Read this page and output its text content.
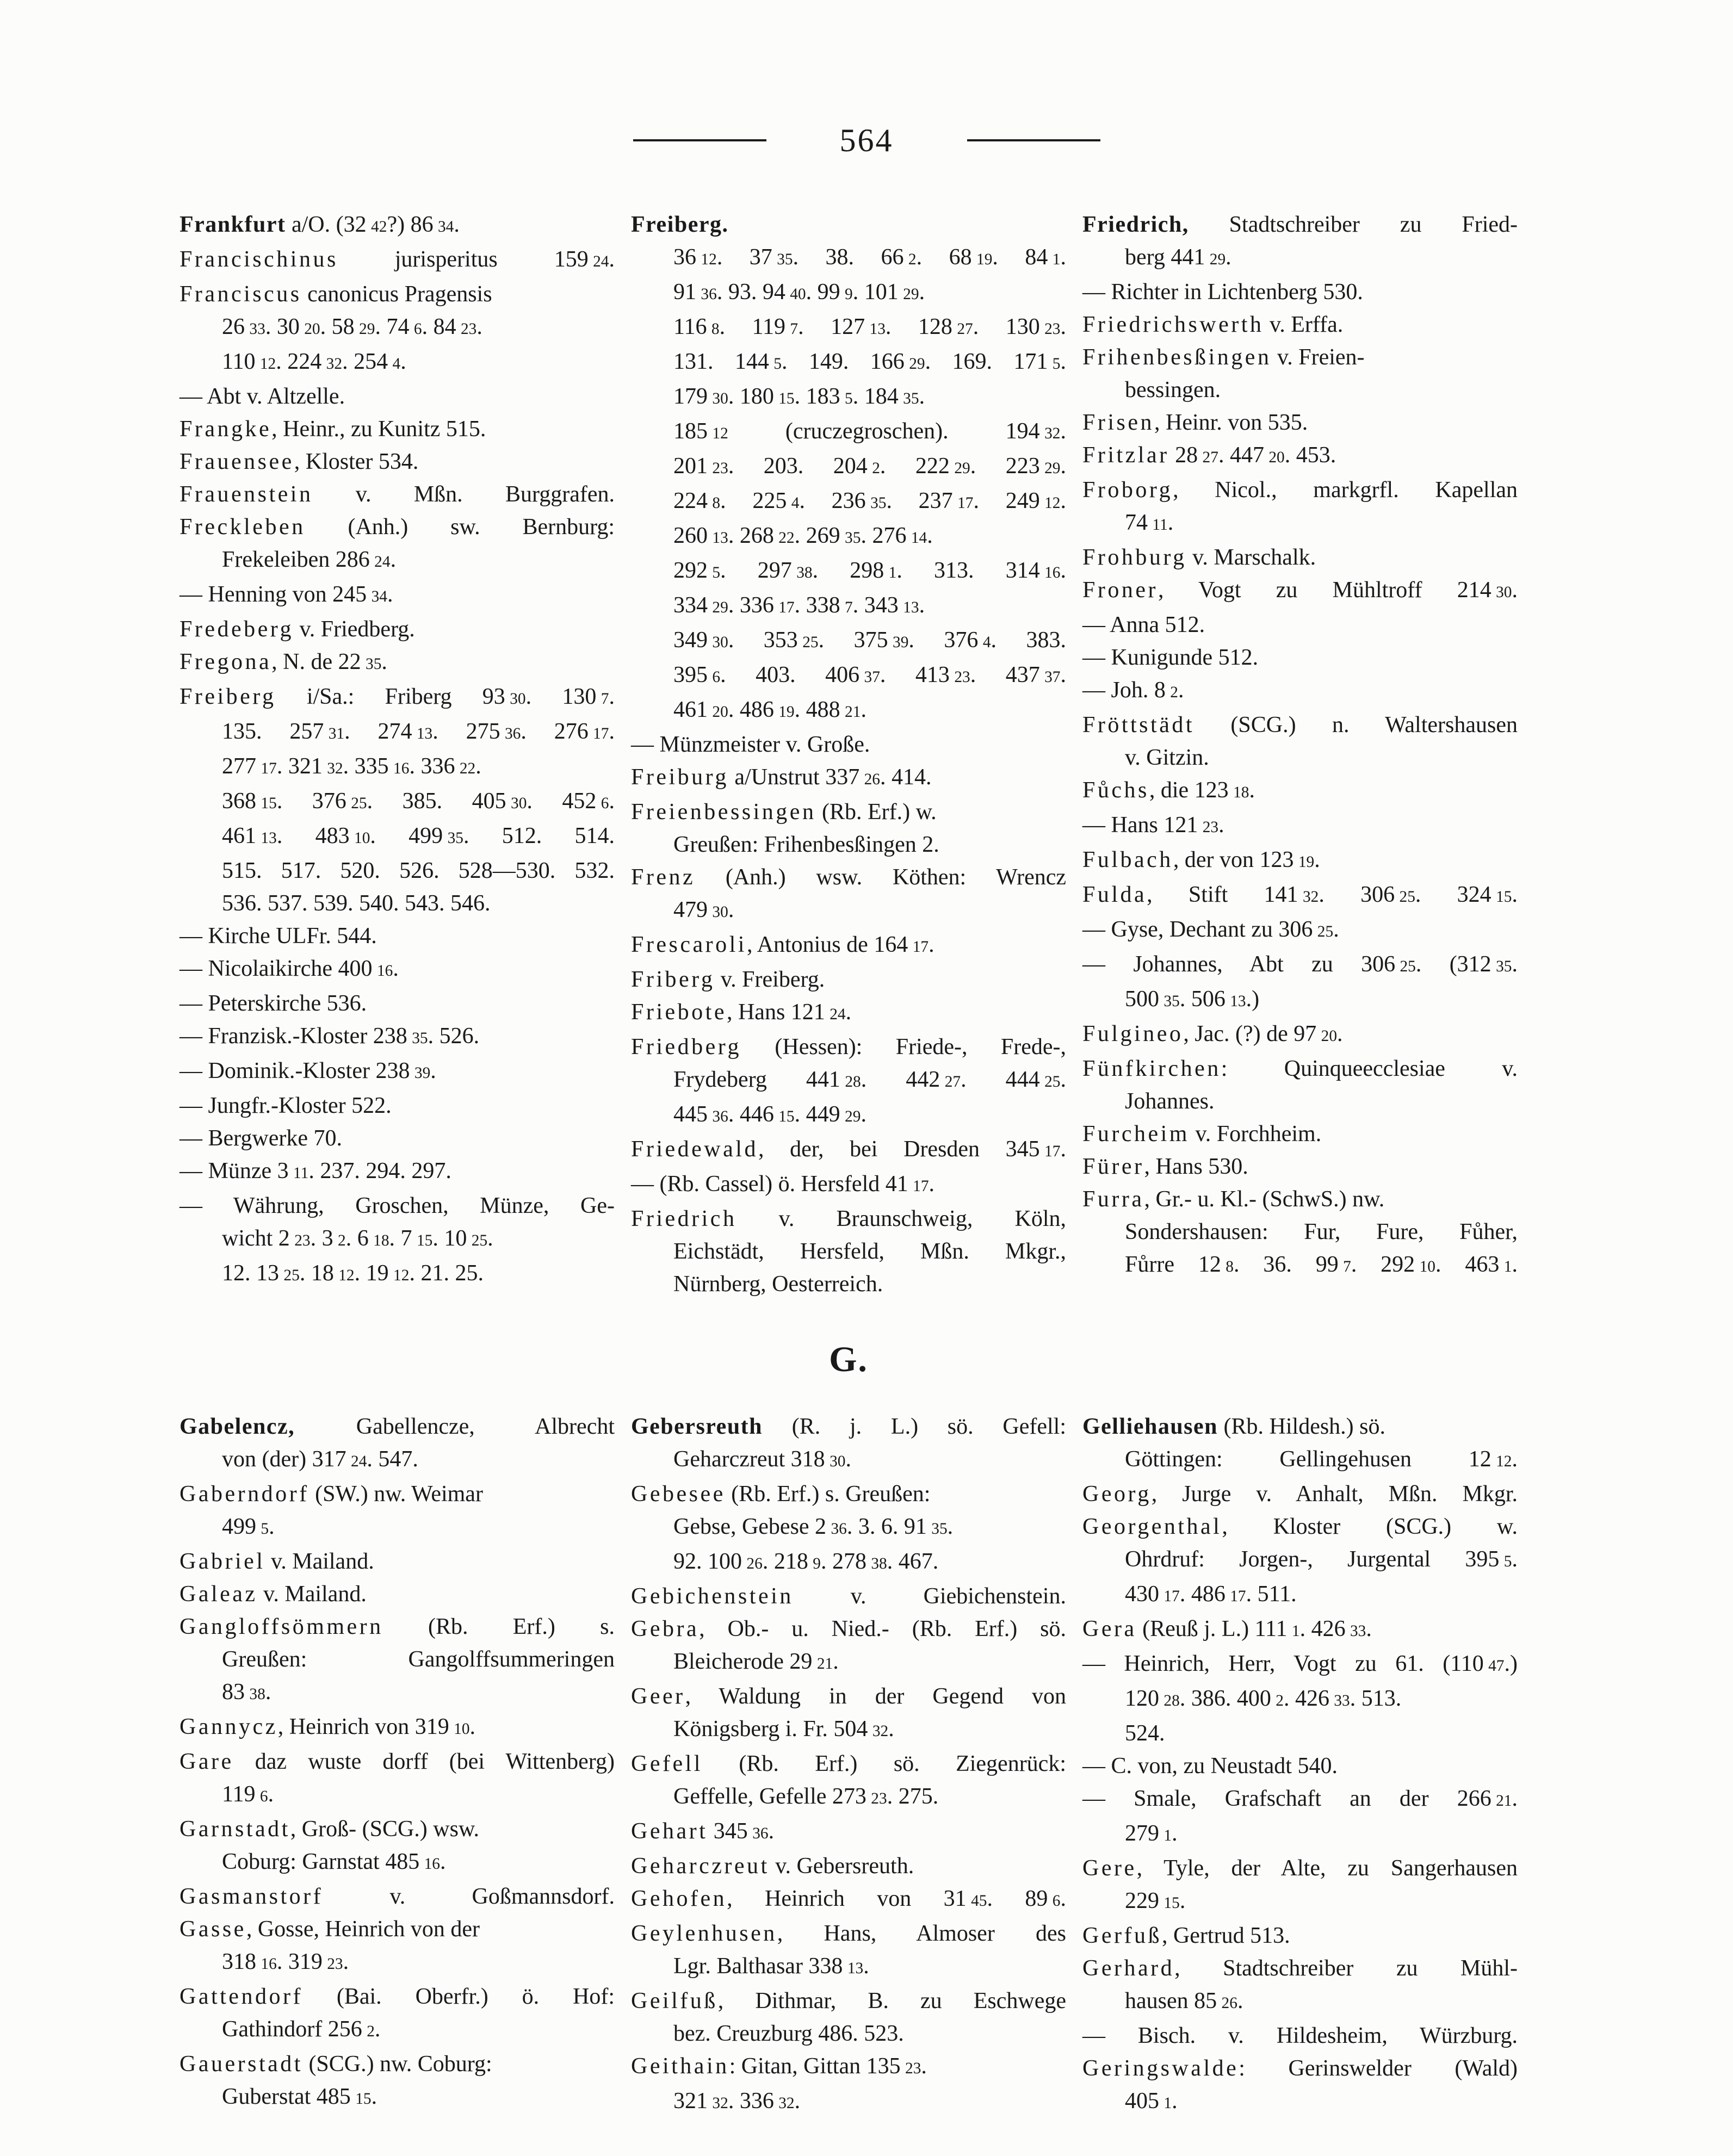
564
Frankfurt a/O. (32 42?) 86 34.
Francischinus jurisperitus 159 24.
Franciscus canonicus Pragensis
26 33. 30 20. 58 29. 74 6. 84 23.
110 12. 224 32. 254 4.
— Abt v. Altzelle.
Frangke, Heinr., zu Kunitz 515.
Frauensee, Kloster 534.
Frauenstein v. Mßn. Burggrafen.
Freckleben (Anh.) sw. Bernburg:
Frekeleiben 286 24.
— Henning von 245 34.
Fredeberg v. Friedberg.
Fregona, N. de 22 35.
Freiberg i/Sa.: Friberg 93 30. 130 7.
135. 257 31. 274 13. 275 36. 276 17.
277 17. 321 32. 335 16. 336 22.
368 15. 376 25. 385. 405 30. 452 6.
461 13. 483 10. 499 35. 512. 514.
515. 517. 520. 526. 528—530. 532.
536. 537. 539. 540. 543. 546.
— Kirche ULFr. 544.
— Nicolaikirche 400 16.
— Peterskirche 536.
— Franzisk.-Kloster 238 35. 526.
— Dominik.-Kloster 238 39.
— Jungfr.-Kloster 522.
— Bergwerke 70.
— Münze 3 11. 237. 294. 297.
— Währung, Groschen, Münze, Ge-
wicht 2 23. 3 2. 6 18. 7 15. 10 25.
12. 13 25. 18 12. 19 12. 21. 25.
Freiberg.
36 12. 37 35. 38. 66 2. 68 19. 84 1.
91 36. 93. 94 40. 99 9. 101 29.
116 8. 119 7. 127 13. 128 27. 130 23.
131. 144 5. 149. 166 29. 169. 171 5.
179 30. 180 15. 183 5. 184 35.
185 12 (cruczegroschen). 194 32.
201 23. 203. 204 2. 222 29. 223 29.
224 8. 225 4. 236 35. 237 17. 249 12.
260 13. 268 22. 269 35. 276 14.
292 5. 297 38. 298 1. 313. 314 16.
334 29. 336 17. 338 7. 343 13.
349 30. 353 25. 375 39. 376 4. 383.
395 6. 403. 406 37. 413 23. 437 37.
461 20. 486 19. 488 21.
— Münzmeister v. Große.
Freiburg a/Unstrut 337 26. 414.
Freienbessingen (Rb. Erf.) w.
Greußen: Frihenbesßingen 2.
Frenz (Anh.) wsw. Köthen: Wrencz
479 30.
Frescaroli, Antonius de 164 17.
Friberg v. Freiberg.
Friebote, Hans 121 24.
Friedberg (Hessen): Friede-, Frede-,
Frydeberg 441 28. 442 27. 444 25.
445 36. 446 15. 449 29.
Friedewald, der, bei Dresden 345 17.
— (Rb. Cassel) ö. Hersfeld 41 17.
Friedrich v. Braunschweig, Köln,
Eichstädt, Hersfeld, Mßn. Mkgr.,
Nürnberg, Oesterreich.
Friedrich, Stadtschreiber zu Fried-
berg 441 29.
— Richter in Lichtenberg 530.
Friedrichswerth v. Erffa.
Frihenbesßingen v. Freien-
bessingen.
Frisen, Heinr. von 535.
Fritzlar 28 27. 447 20. 453.
Froborg, Nicol., markgrfl. Kapellan
74 11.
Frohburg v. Marschalk.
Froner, Vogt zu Mühltroff 214 30.
— Anna 512.
— Kunigunde 512.
— Joh. 8 2.
Fröttstädt (SCG.) n. Waltershausen
v. Gitzin.
Fůchs, die 123 18.
— Hans 121 23.
Fulbach, der von 123 19.
Fulda, Stift 141 32. 306 25. 324 15.
— Gyse, Dechant zu 306 25.
— Johannes, Abt zu 306 25. (312 35.
500 35. 506 13.)
Fulgineo, Jac. (?) de 97 20.
Fünfkirchen: Quinqueecclesiae v.
Johannes.
Furcheim v. Forchheim.
Fürer, Hans 530.
Furra, Gr.- u. Kl.- (SchwS.) nw.
Sondershausen: Fur, Fure, Fůher,
Fůrre 12 8. 36. 99 7. 292 10. 463 1.
G.
Gabelencz, Gabellencze, Albrecht
von (der) 317 24. 547.
Gaberndorf (SW.) nw. Weimar
499 5.
Gabriel v. Mailand.
Galeaz v. Mailand.
Gangloffsömmern (Rb. Erf.) s.
Greußen: Gangolffsummeringen
83 38.
Gannycz, Heinrich von 319 10.
Gare daz wuste dorff (bei Wittenberg)
119 6.
Garnstadt, Groß- (SCG.) wsw.
Coburg: Garnstat 485 16.
Gasmanstorf v. Goßmannsdorf.
Gasse, Gosse, Heinrich von der
318 16. 319 23.
Gattendorf (Bai. Oberfr.) ö. Hof:
Gathindorf 256 2.
Gauerstadt (SCG.) nw. Coburg:
Guberstat 485 15.
Gebersreuth (R. j. L.) sö. Gefell:
Geharczreut 318 30.
Gebesee (Rb. Erf.) s. Greußen:
Gebse, Gebese 2 36. 3. 6. 91 35.
92. 100 26. 218 9. 278 38. 467.
Gebichenstein v. Giebichenstein.
Gebra, Ob.- u. Nied.- (Rb. Erf.) sö.
Bleicherode 29 21.
Geer, Waldung in der Gegend von
Königsberg i. Fr. 504 32.
Gefell (Rb. Erf.) sö. Ziegenrück:
Geffelle, Gefelle 273 23. 275.
Gehart 345 36.
Geharczreut v. Gebersreuth.
Gehofen, Heinrich von 31 45. 89 6.
Geylenhusen, Hans, Almoser des
Lgr. Balthasar 338 13.
Geilfuß, Dithmar, B. zu Eschwege
bez. Creuzburg 486. 523.
Geithain: Gitan, Gittan 135 23.
321 32. 336 32.
Gelliehausen (Rb. Hildesh.) sö.
Göttingen: Gellingehusen 12 12.
Georg, Jurge v. Anhalt, Mßn. Mkgr.
Georgenthal, Kloster (SCG.) w.
Ohrdruf: Jorgen-, Jurgental 395 5.
430 17. 486 17. 511.
Gera (Reuß j. L.) 111 1. 426 33.
— Heinrich, Herr, Vogt zu 61. (110 47.)
120 28. 386. 400 2. 426 33. 513.
524.
— C. von, zu Neustadt 540.
— Smale, Grafschaft an der 266 21.
279 1.
Gere, Tyle, der Alte, zu Sangerhausen
229 15.
Gerfuß, Gertrud 513.
Gerhard, Stadtschreiber zu Mühl-
hausen 85 26.
— Bisch. v. Hildesheim, Würzburg.
Geringswalde: Gerinswelder (Wald)
405 1.
